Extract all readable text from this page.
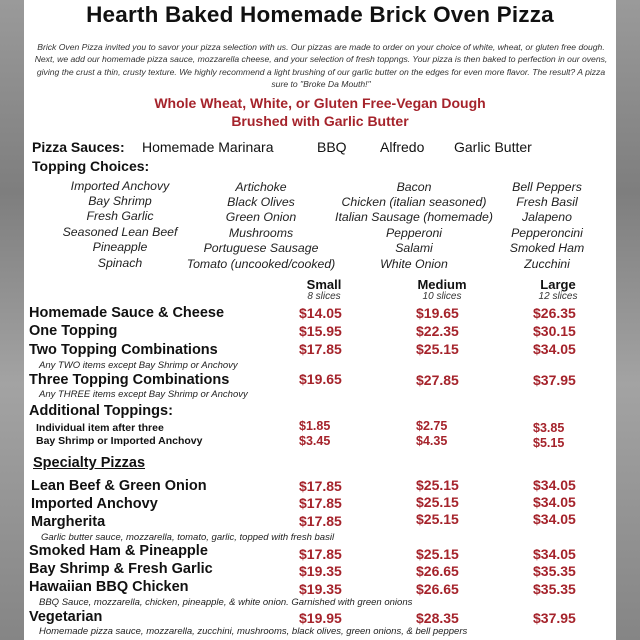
Hearth Baked Homemade Brick Oven Pizza
Brick Oven Pizza invited you to savor your pizza selection with us. Our pizzas are made to order on your choice of white, wheat, or gluten free dough. Next, we add our homemade pizza sauce, mozzarella cheese, and your selection of fresh toppngs. Your pizza is then baked to perfection in our ovens, giving the crust a thin, crusty texture. We highly recommend a light brushing of our garlic butter on the edges for even more flavor. The result? A pizza sure to "Broke Da Mouth!"
Whole Wheat, White, or Gluten Free-Vegan Dough
Brushed with Garlic Butter
Pizza Sauces: Homemade Marinara	BBQ Alfredo Garlic Butter
Topping Choices:
Imported Anchovy
Bay Shrimp
Fresh Garlic
Seasoned Lean Beef
Pineapple
Spinach
Artichoke
Black Olives
Green Onion
Mushrooms
Portuguese Sausage
Tomato (uncooked/cooked)
Bacon
Chicken (italian seasoned)
Italian Sausage (homemade)
Pepperoni
Salami
White Onion
Bell Peppers
Fresh Basil
Jalapeno
Pepperoncini
Smoked Ham
Zucchini
Small
8 slices
Medium
10 slices
Large
12 slices
Homemade Sauce & Cheese	$14.05	$19.65	$26.35
One Topping	$15.95	$22.35	$30.15
Two Topping Combinations	$17.85	$25.15	$34.05
Any TWO items except Bay Shrimp or Anchovy
Three Topping Combinations	$19.65	$27.85	$37.95
Any THREE items except Bay Shrimp or Anchovy
Additional Toppings:
Individual item after three	$1.85	$2.75	$3.85
Bay Shrimp or Imported Anchovy	$3.45	$4.35	$5.15
Specialty Pizzas
Lean Beef & Green Onion	$17.85	$25.15	$34.05
Imported Anchovy	$17.85	$25.15	$34.05
Margherita	$17.85	$25.15	$34.05
Garlic butter sauce, mozzarella, tomato, garlic, topped with fresh basil
Smoked Ham & Pineapple	$17.85	$25.15	$34.05
Bay Shrimp & Fresh Garlic	$19.35	$26.65	$35.35
Hawaiian BBQ Chicken	$19.35	$26.65	$35.35
BBQ Sauce, mozzarella, chicken, pineapple, & white onion. Garnished with green onions
Vegetarian	$19.95	$28.35	$37.95
Homemade pizza sauce, mozzarella, zucchini, mushrooms, black olives, green onions, & bell peppers
